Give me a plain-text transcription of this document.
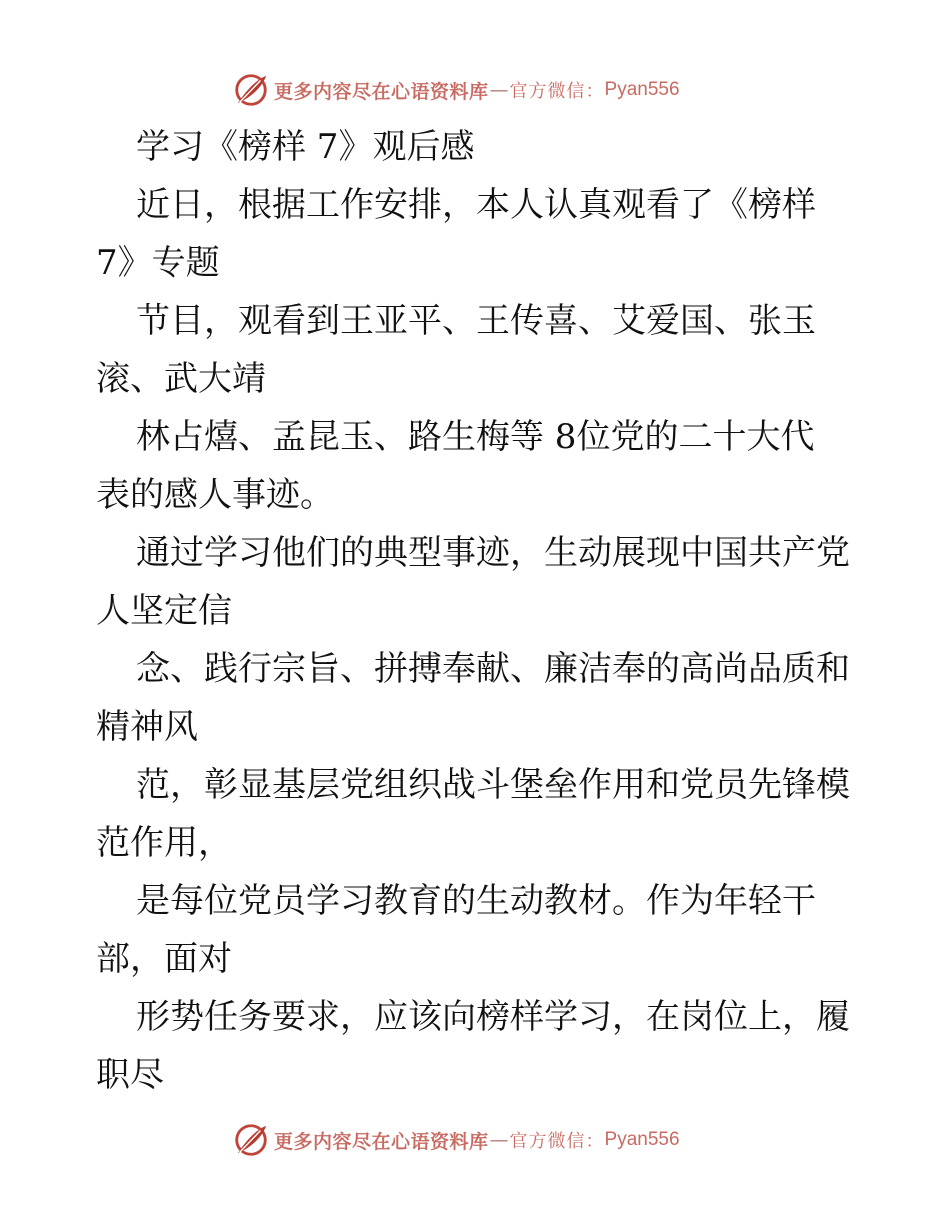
更多内容尽在心语资料库 — 官方微信： Pyan556
学习《榜样 7》观后感
近日，根据工作安排，本人认真观看了《榜样
7》专题
节目，观看到王亚平、王传喜、艾爱国、张玉
滚、武大靖
林占熺、孟昆玉、路生梅等 8位党的二十大代
表的感人事迹。
通过学习他们的典型事迹，生动展现中国共产党
人坚定信
念、践行宗旨、拼搏奉献、廉洁奉的高尚品质和
精神风
范，彰显基层党组织战斗堡垒作用和党员先锋模
范作用，
是每位党员学习教育的生动教材。作为年轻干
部，面对
形势任务要求，应该向榜样学习，在岗位上，履
职尽
更多内容尽在心语资料库 — 官方微信： Pyan556
